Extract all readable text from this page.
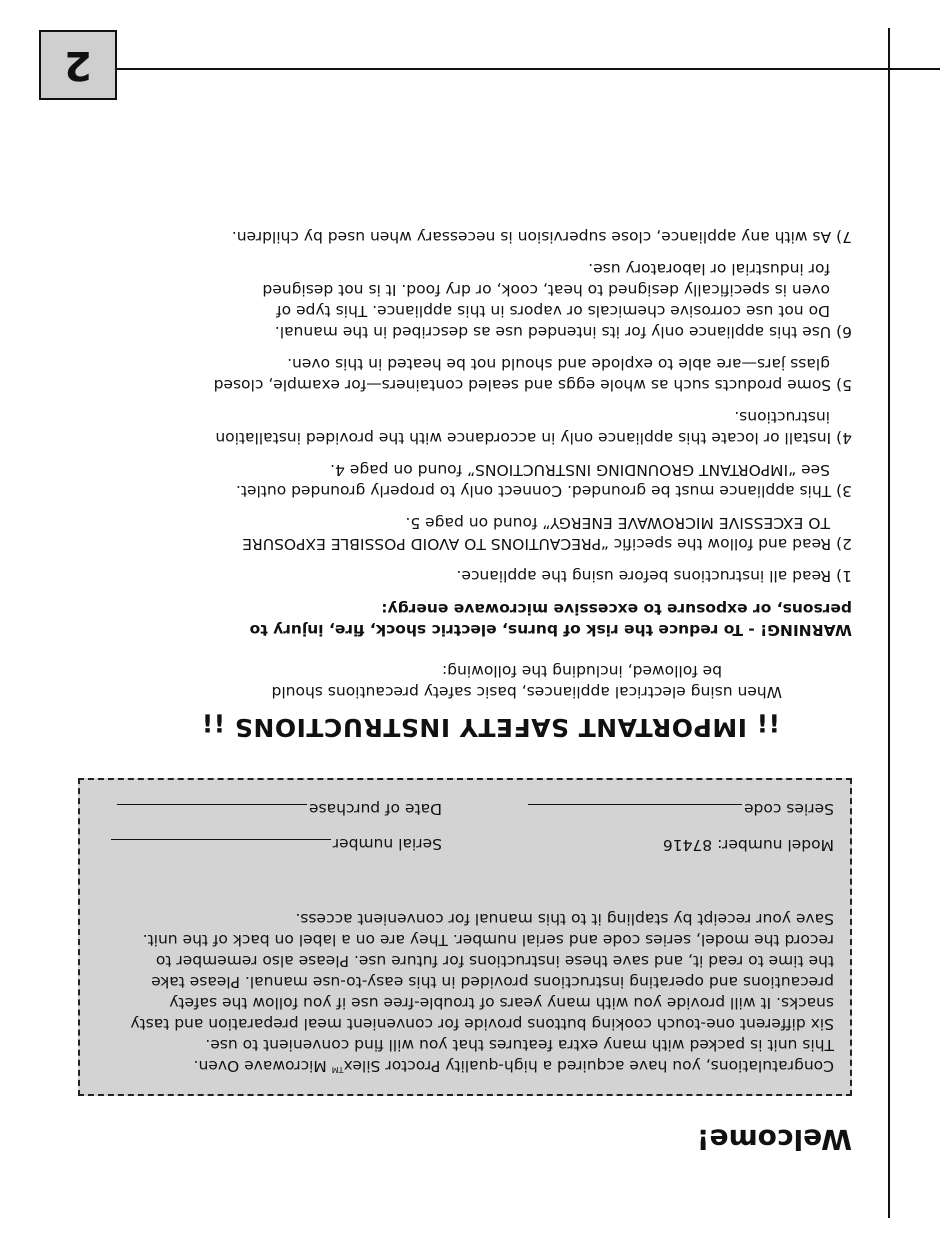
2
Welcome!

Congratulations, you have acquired a high-quality Proctor Silex™ Microwave Oven.
This unit is packed with many extra features that you will find convenient to use.
Six different one-touch cooking buttons provide for convenient meal preparation and tasty
snacks. It will provide you with many years of trouble-free use if you follow the safety
precautions and operating instructions provided in this easy-to-use manual. Please take
the time to read it, and save these instructions for future use. Please also remember to
record the model, series code and serial number. They are on a label on back of the unit.
Save your receipt by stapling it to this manual for convenient access.

Model number: 87416
Serial number
Series code
Date of purchase
¡¡ IMPORTANT SAFETY INSTRUCTIONS ¡¡

When using electrical appliances, basic safety precautions should
be followed, including the following:

WARNING! - To reduce the risk of burns, electric shock, fire, injury to
persons, or exposure to excessive microwave energy:

1) Read all instructions before using the appliance.
2) Read and follow the specific “PRECAUTIONS TO AVOID POSSIBLE EXPOSURE
TO EXCESSIVE MICROWAVE ENERGY” found on page 5.
3) This appliance must be grounded. Connect only to properly grounded outlet.
See “IMPORTANT GROUNDING INSTRUCTIONS” found on page 4.
4) Install or locate this appliance only in accordance with the provided installation
instructions.
5) Some products such as whole eggs and sealed containers—for example, closed
glass jars—are able to explode and should not be heated in this oven.
6) Use this appliance only for its intended use as described in the manual.
Do not use corrosive chemicals or vapors in this appliance. This type of
oven is specifically designed to heat, cook, or dry food. It is not designed
for industrial or laboratory use.
7) As with any appliance, close supervision is necessary when used by children.
